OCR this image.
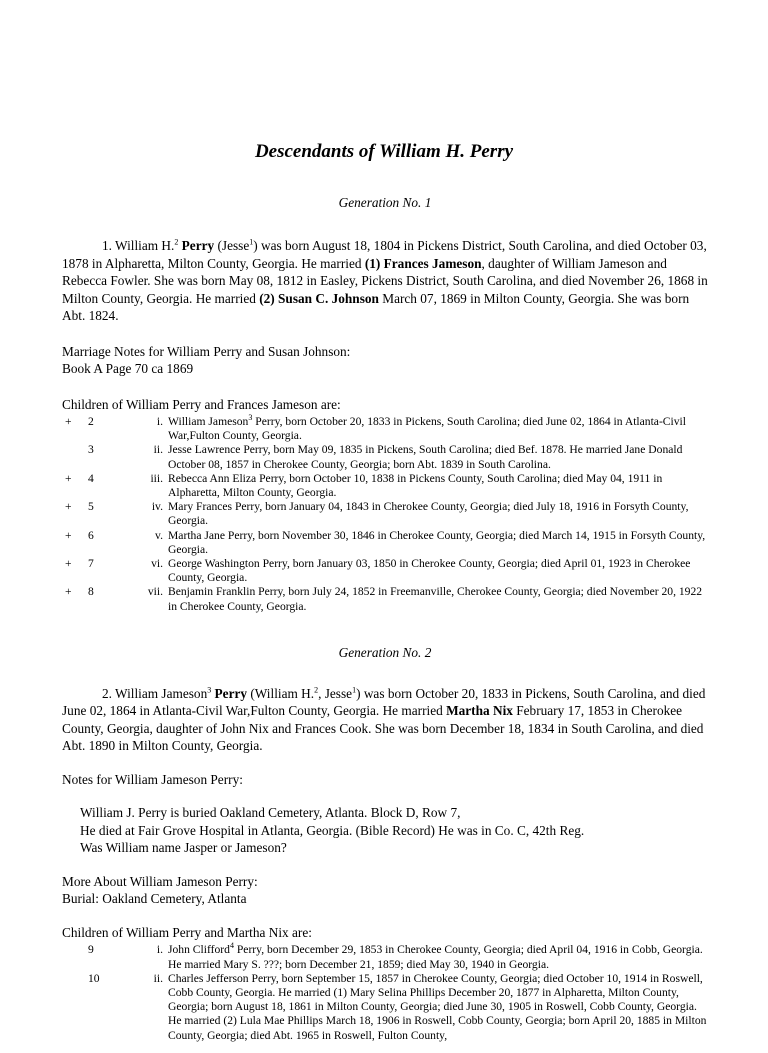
Descendants of William H. Perry
Generation No. 1
1. William H.$^2$ Perry (Jesse$^1$) was born August 18, 1804 in Pickens District, South Carolina, and died October 03, 1878 in Alpharetta, Milton County, Georgia. He married (1) Frances Jameson, daughter of William Jameson and Rebecca Fowler. She was born May 08, 1812 in Easley, Pickens District, South Carolina, and died November 26, 1868 in Milton County, Georgia. He married (2) Susan C. Johnson March 07, 1869 in Milton County, Georgia. She was born Abt. 1824.
Marriage Notes for William Perry and Susan Johnson:
Book A Page 70 ca 1869
Children of William Perry and Frances Jameson are:
+ 2	i. William Jameson$^3$ Perry, born October 20, 1833 in Pickens, South Carolina; died June 02, 1864 in Atlanta-Civil War,Fulton County, Georgia.
3	ii. Jesse Lawrence Perry, born May 09, 1835 in Pickens, South Carolina; died Bef. 1878. He married Jane Donald October 08, 1857 in Cherokee County, Georgia; born Abt. 1839 in South Carolina.
+ 4	iii. Rebecca Ann Eliza Perry, born October 10, 1838 in Pickens County, South Carolina; died May 04, 1911 in Alpharetta, Milton County, Georgia.
+ 5	iv. Mary Frances Perry, born January 04, 1843 in Cherokee County, Georgia; died July 18, 1916 in Forsyth County, Georgia.
+ 6	v. Martha Jane Perry, born November 30, 1846 in Cherokee County, Georgia; died March 14, 1915 in Forsyth County, Georgia.
+ 7	vi. George Washington Perry, born January 03, 1850 in Cherokee County, Georgia; died April 01, 1923 in Cherokee County, Georgia.
+ 8	vii. Benjamin Franklin Perry, born July 24, 1852 in Freemanville, Cherokee County, Georgia; died November 20, 1922 in Cherokee County, Georgia.
Generation No. 2
2. William Jameson$^3$ Perry (William H.$^2$, Jesse$^1$) was born October 20, 1833 in Pickens, South Carolina, and died June 02, 1864 in Atlanta-Civil War,Fulton County, Georgia. He married Martha Nix February 17, 1853 in Cherokee County, Georgia, daughter of John Nix and Frances Cook. She was born December 18, 1834 in South Carolina, and died Abt. 1890 in Milton County, Georgia.
Notes for William Jameson Perry:
William J. Perry is buried Oakland Cemetery, Atlanta. Block D, Row 7,
He died at Fair Grove Hospital in Atlanta, Georgia. (Bible Record) He was in Co. C, 42th Reg.
Was William name Jasper or Jameson?
More About William Jameson Perry:
Burial: Oakland Cemetery, Atlanta
Children of William Perry and Martha Nix are:
9	i. John Clifford$^4$ Perry, born December 29, 1853 in Cherokee County, Georgia; died April 04, 1916 in Cobb, Georgia. He married Mary S. ???; born December 21, 1859; died May 30, 1940 in Georgia.
10	ii. Charles Jefferson Perry, born September 15, 1857 in Cherokee County, Georgia; died October 10, 1914 in Roswell, Cobb County, Georgia. He married (1) Mary Selina Phillips December 20, 1877 in Alpharetta, Milton County, Georgia; born August 18, 1861 in Milton County, Georgia; died June 30, 1905 in Roswell, Cobb County, Georgia. He married (2) Lula Mae Phillips March 18, 1906 in Roswell, Cobb County, Georgia; born April 20, 1885 in Milton County, Georgia; died Abt. 1965 in Roswell, Fulton County,
